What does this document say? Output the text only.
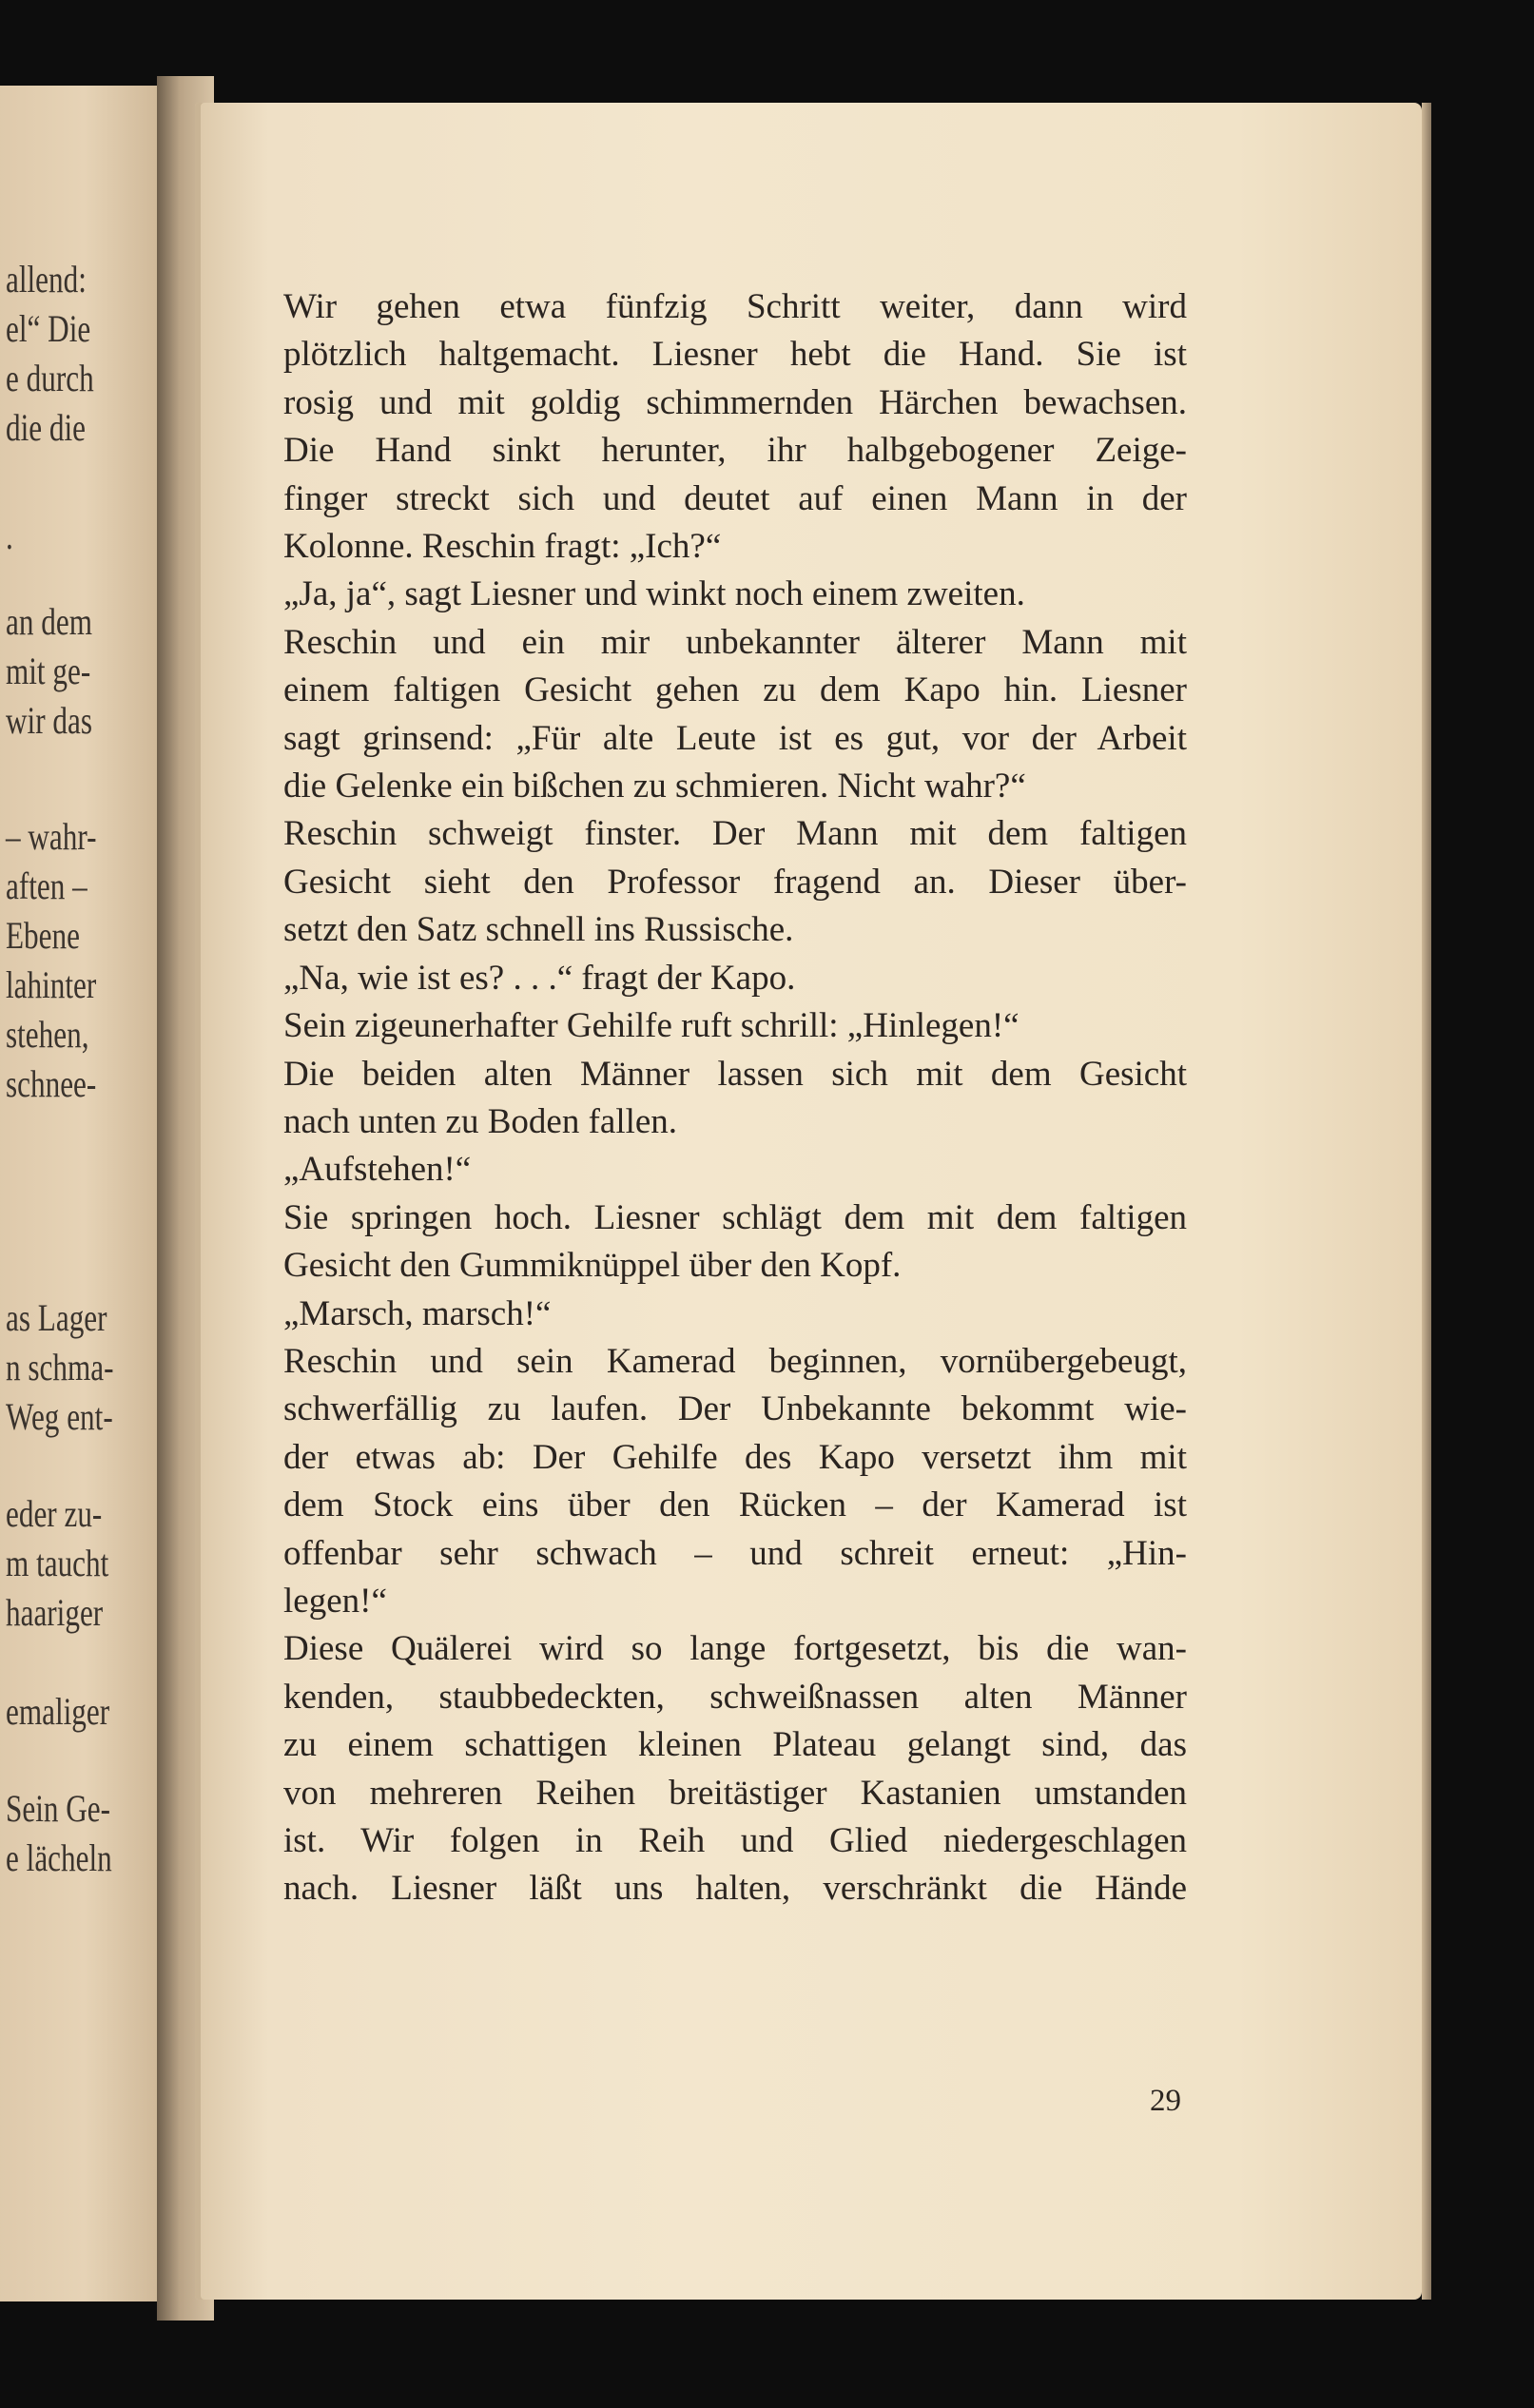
allend:
el“ Die
e durch
die die
.
an dem
mit ge-
wir das
– wahr-
aften –
Ebene
lahinter
stehen,
schnee-
as Lager
n schma-
Weg ent-
eder zu-
m taucht
haariger
emaliger
Sein Ge-
e lächeln
Wir gehen etwa fünfzig Schritt weiter, dann wird
plötzlich haltgemacht. Liesner hebt die Hand. Sie ist
rosig und mit goldig schimmernden Härchen bewachsen.
Die Hand sinkt herunter, ihr halbgebogener Zeige-
finger streckt sich und deutet auf einen Mann in der
Kolonne. Reschin fragt: „Ich?“
„Ja, ja“, sagt Liesner und winkt noch einem zweiten.
Reschin und ein mir unbekannter älterer Mann mit
einem faltigen Gesicht gehen zu dem Kapo hin. Liesner
sagt grinsend: „Für alte Leute ist es gut, vor der Arbeit
die Gelenke ein bißchen zu schmieren. Nicht wahr?“
Reschin schweigt finster. Der Mann mit dem faltigen
Gesicht sieht den Professor fragend an. Dieser über-
setzt den Satz schnell ins Russische.
„Na, wie ist es? . . .“ fragt der Kapo.
Sein zigeunerhafter Gehilfe ruft schrill: „Hinlegen!“
Die beiden alten Männer lassen sich mit dem Gesicht
nach unten zu Boden fallen.
„Aufstehen!“
Sie springen hoch. Liesner schlägt dem mit dem faltigen
Gesicht den Gummiknüppel über den Kopf.
„Marsch, marsch!“
Reschin und sein Kamerad beginnen, vornübergebeugt,
schwerfällig zu laufen. Der Unbekannte bekommt wie-
der etwas ab: Der Gehilfe des Kapo versetzt ihm mit
dem Stock eins über den Rücken – der Kamerad ist
offenbar sehr schwach – und schreit erneut: „Hin-
legen!“
Diese Quälerei wird so lange fortgesetzt, bis die wan-
kenden, staubbedeckten, schweißnassen alten Männer
zu einem schattigen kleinen Plateau gelangt sind, das
von mehreren Reihen breitästiger Kastanien umstanden
ist. Wir folgen in Reih und Glied niedergeschlagen
nach. Liesner läßt uns halten, verschränkt die Hände
29
